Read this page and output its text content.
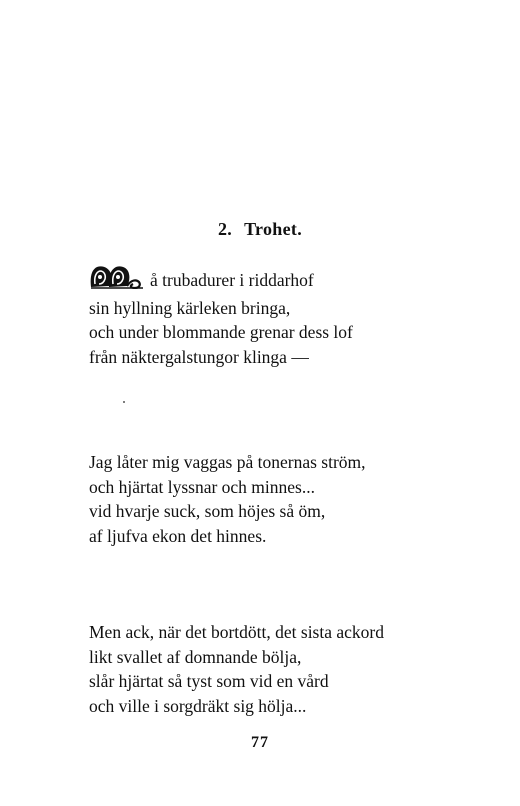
2. Trohet.
å trubadurer i riddarhof
sin hyllning kärleken bringa,
och under blommande grenar dess lof
från näktergalstungor klinga —
Jag låter mig vaggas på tonernas ström,
och hjärtat lyssnar och minnes...
vid hvarje suck, som höjes så öm,
af ljufva ekon det hinnes.
Men ack, när det bortdött, det sista ackord
likt svallet af domnande bölja,
slår hjärtat så tyst som vid en vård
och ville i sorgdräkt sig hölja...
77
